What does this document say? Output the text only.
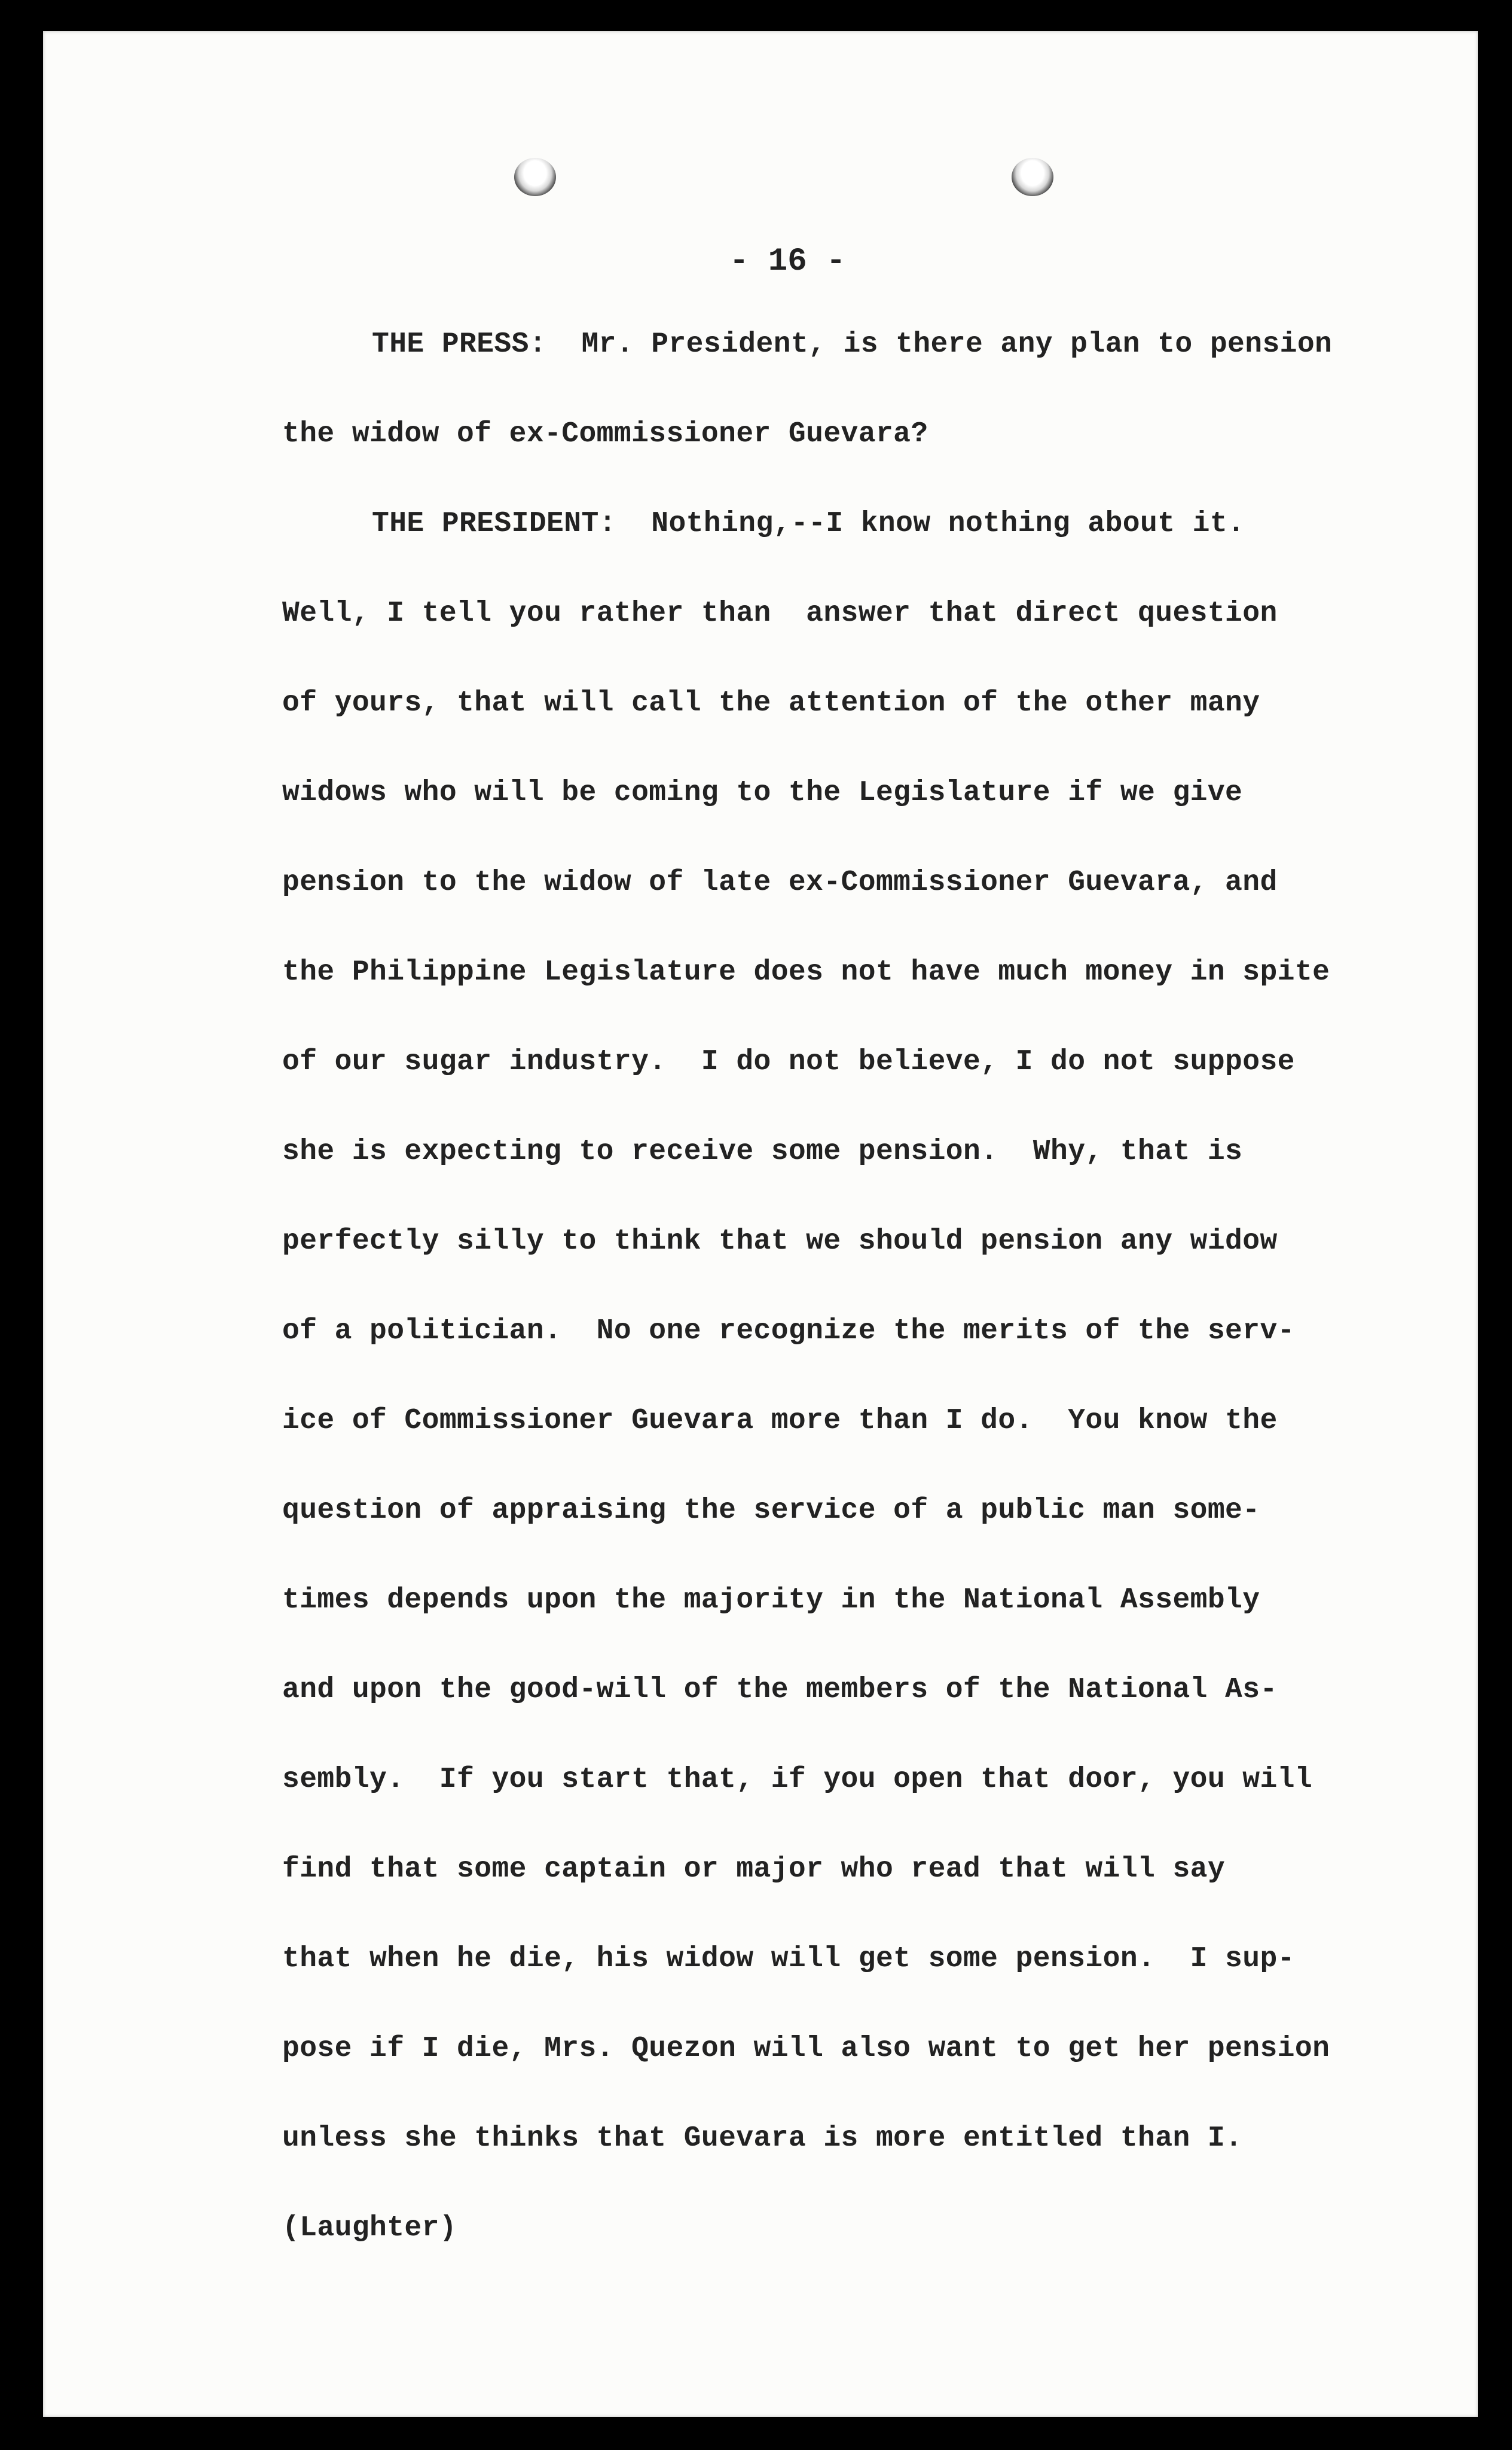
- 16 -
THE PRESS:  Mr. President, is there any plan to pension
the widow of ex-Commissioner Guevara?
THE PRESIDENT:  Nothing,--I know nothing about it.
Well, I tell you rather than  answer that direct question
of yours, that will call the attention of the other many
widows who will be coming to the Legislature if we give
pension to the widow of late ex-Commissioner Guevara, and
the Philippine Legislature does not have much money in spite
of our sugar industry.  I do not believe, I do not suppose
she is expecting to receive some pension.  Why, that is
perfectly silly to think that we should pension any widow
of a politician.  No one recognize the merits of the serv-
ice of Commissioner Guevara more than I do.  You know the
question of appraising the service of a public man some-
times depends upon the majority in the National Assembly
and upon the good-will of the members of the National As-
sembly.  If you start that, if you open that door, you will
find that some captain or major who read that will say
that when he die, his widow will get some pension.  I sup-
pose if I die, Mrs. Quezon will also want to get her pension
unless she thinks that Guevara is more entitled than I.
(Laughter)
